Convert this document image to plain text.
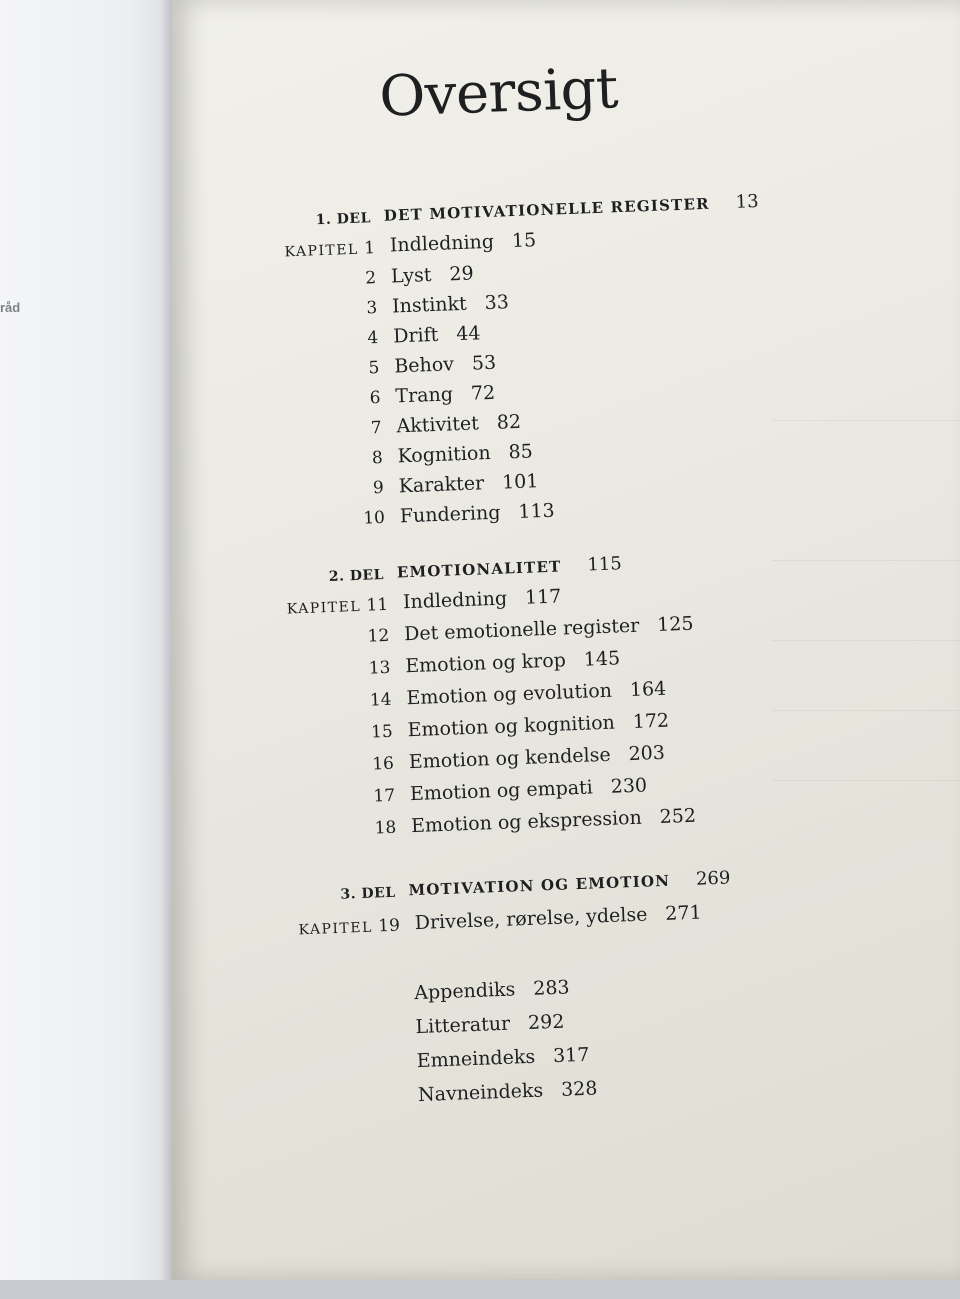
råd
Oversigt
1. DEL DET MOTIVATIONELLE REGISTER 13
KAPITEL 1 Indledning 15
2 Lyst 29
3 Instinkt 33
4 Drift 44
5 Behov 53
6 Trang 72
7 Aktivitet 82
8 Kognition 85
9 Karakter 101
10 Fundering 113
2. DEL EMOTIONALITET 115
KAPITEL 11 Indledning 117
12 Det emotionelle register 125
13 Emotion og krop 145
14 Emotion og evolution 164
15 Emotion og kognition 172
16 Emotion og kendelse 203
17 Emotion og empati 230
18 Emotion og ekspression 252
3. DEL MOTIVATION OG EMOTION 269
KAPITEL 19 Drivelse, rørelse, ydelse 271
Appendiks 283
Litteratur 292
Emneindeks 317
Navneindeks 328
